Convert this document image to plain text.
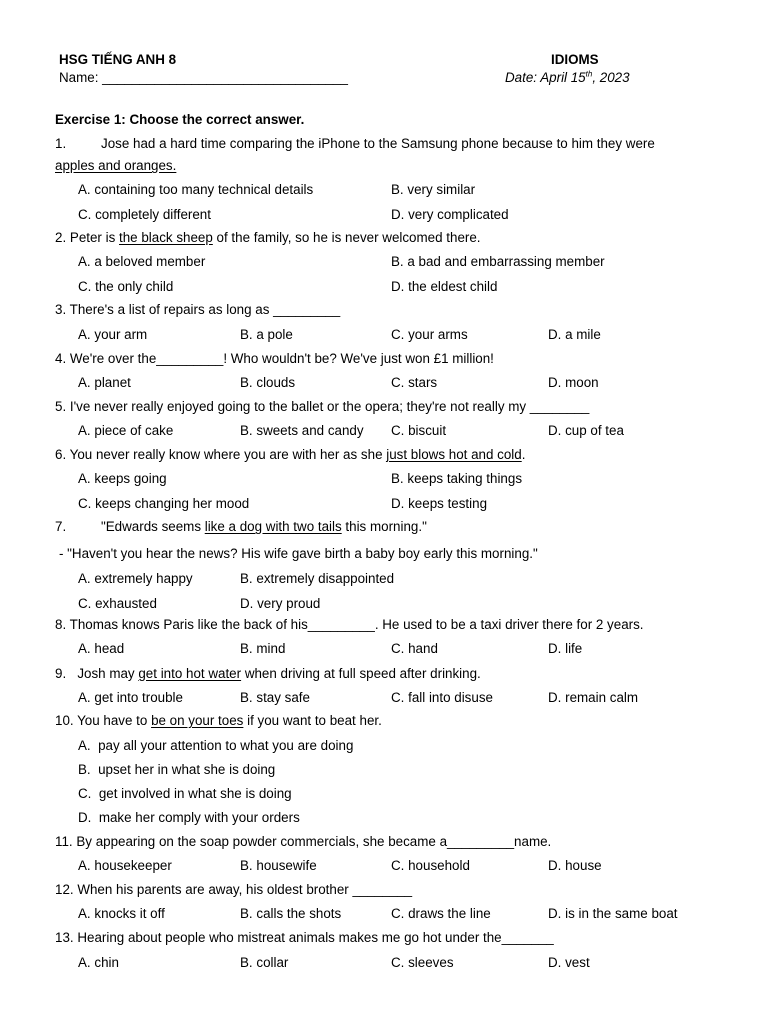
HSG TIẾNG ANH 8	IDIOMS
Name: _________________________________	Date: April 15th, 2023
Exercise 1: Choose the correct answer.
1.	Jose had a hard time comparing the iPhone to the Samsung phone because to him they were
apples and oranges.
A. containing too many technical details	B. very similar
C. completely different	D. very complicated
2. Peter is the black sheep of the family, so he is never welcomed there.
A. a beloved member	B. a bad and embarrassing member
C. the only child	D. the eldest child
3. There's a list of repairs as long as _________
A. your arm	B. a pole	C. your arms	D. a mile
4. We're over the_________! Who wouldn't be? We've just won £1 million!
A. planet	B. clouds	C. stars	D. moon
5. I've never really enjoyed going to the ballet or the opera; they're not really my ________
A. piece of cake	B. sweets and candy C. biscuit	D. cup of tea
6. You never really know where you are with her as she just blows hot and cold.
A. keeps going	B. keeps taking things
C. keeps changing her mood	D. keeps testing
7.	"Edwards seems like a dog with two tails this morning."
- "Haven't you hear the news? His wife gave birth a baby boy early this morning."
A. extremely happy	B. extremely disappointed
C. exhausted	D. very proud
8. Thomas knows Paris like the back of his_________. He used to be a taxi driver there for 2 years.
A. head	B. mind	C. hand	D. life
9.   Josh may get into hot water when driving at full speed after drinking.
A. get into trouble	B. stay safe	C. fall into disuse	D. remain calm
10. You have to be on your toes if you want to beat her.
A.  pay all your attention to what you are doing
B.  upset her in what she is doing
C.  get involved in what she is doing
D.  make her comply with your orders
11. By appearing on the soap powder commercials, she became a_________name.
A. housekeeper	B. housewife	C. household	D. house
12. When his parents are away, his oldest brother ________
A. knocks it off	B. calls the shots	C. draws the line	D. is in the same boat
13. Hearing about people who mistreat animals makes me go hot under the_______
A. chin	B. collar	C. sleeves	D. vest
